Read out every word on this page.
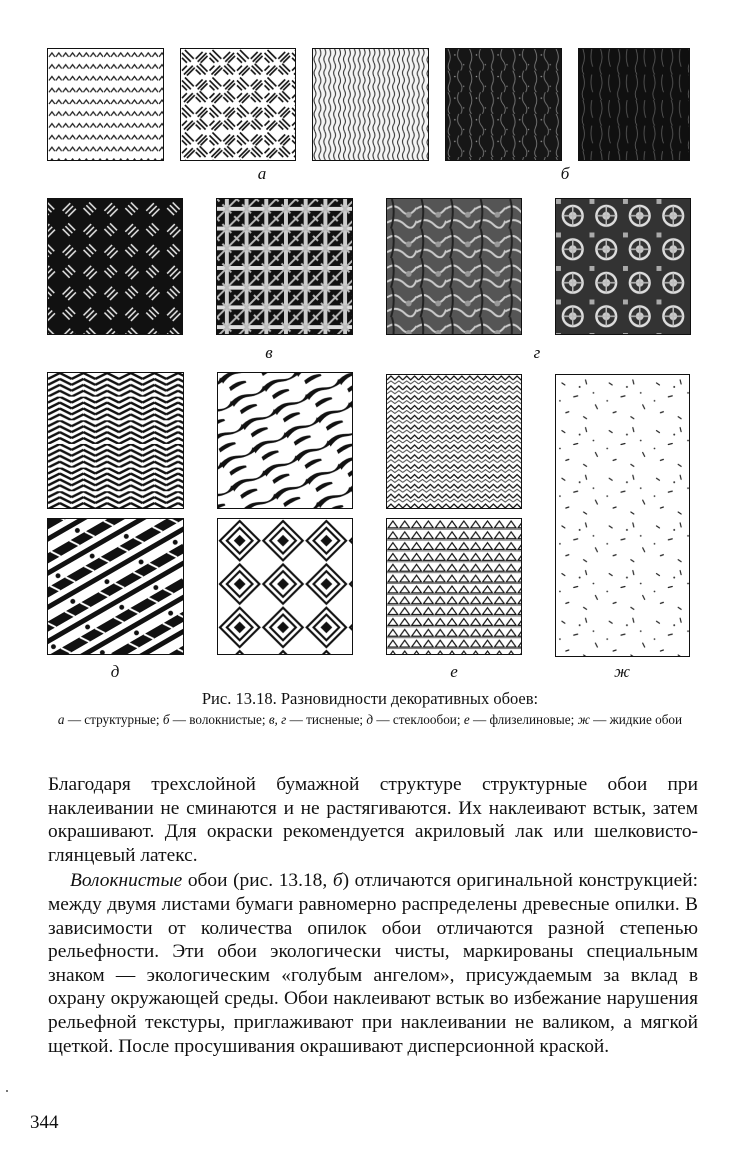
а	б
в	г
д	е	ж
Рис. 13.18. Разновидности декоративных обоев:
а — структурные; б — волокнистые; в, г — тисненые; д — стеклообои; е — флизелиновые; ж — жидкие обои

Благодаря трехслойной бумажной структуре структурные обои при наклеивании не сминаются и не растягиваются. Их наклеивают встык, затем окрашивают. Для окраски рекомендуется акриловый лак или шелковисто-глянцевый латекс.

Волокнистые обои (рис. 13.18, б) отличаются оригинальной конструкцией: между двумя листами бумаги равномерно распределены древесные опилки. В зависимости от количества опилок обои отличаются разной степенью рельефности. Эти обои экологически чисты, маркированы специальным знаком — экологическим «голубым ангелом», присуждаемым за вклад в охрану окружающей среды. Обои наклеивают встык во избежание нарушения рельефной текстуры, приглаживают при наклеивании не валиком, а мягкой щеткой. После просушивания окрашивают дисперсионной краской.

344
